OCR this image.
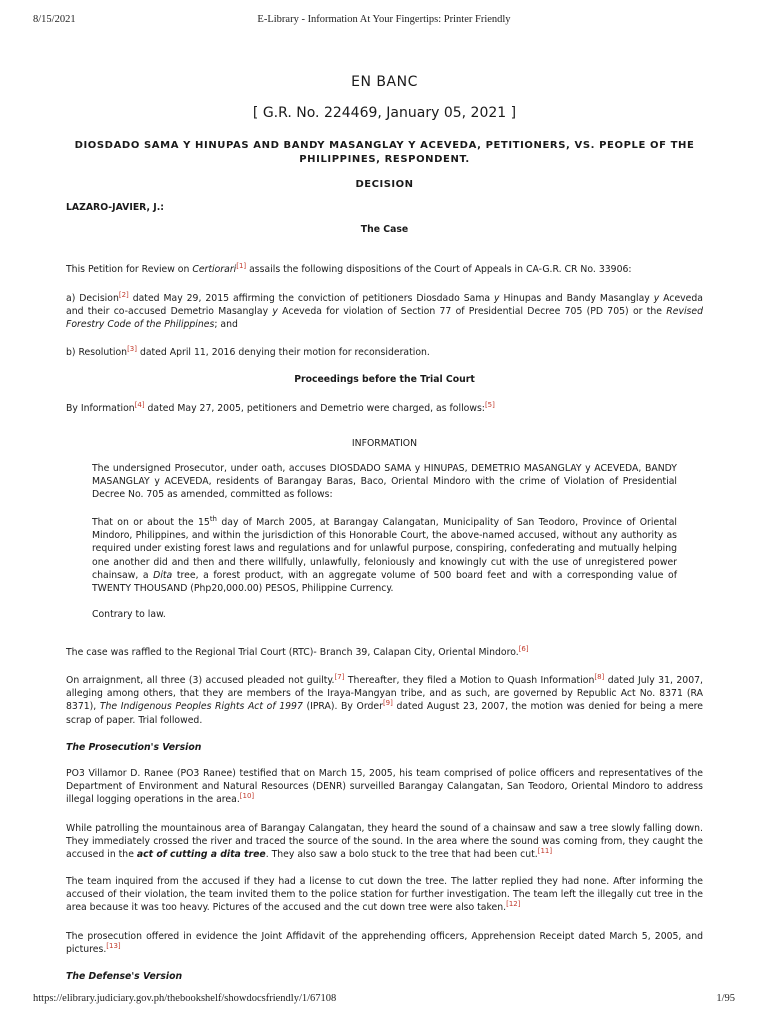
8/15/2021	E-Library - Information At Your Fingertips: Printer Friendly
EN BANC
[ G.R. No. 224469, January 05, 2021 ]
DIOSDADO SAMA Y HINUPAS AND BANDY MASANGLAY Y ACEVEDA, PETITIONERS, VS. PEOPLE OF THE PHILIPPINES, RESPONDENT.
DECISION
LAZARO-JAVIER, J.:
The Case

This Petition for Review on Certiorari[1] assails the following dispositions of the Court of Appeals in CA-G.R. CR No. 33906:

a) Decision[2] dated May 29, 2015 affirming the conviction of petitioners Diosdado Sama y Hinupas and Bandy Masanglay y Aceveda and their co-accused Demetrio Masanglay y Aceveda for violation of Section 77 of Presidential Decree 705 (PD 705) or the Revised Forestry Code of the Philippines; and

b) Resolution[3] dated April 11, 2016 denying their motion for reconsideration.

Proceedings before the Trial Court

By Information[4] dated May 27, 2005, petitioners and Demetrio were charged, as follows:[5]

INFORMATION

The undersigned Prosecutor, under oath, accuses DIOSDADO SAMA y HINUPAS, DEMETRIO MASANGLAY y ACEVEDA, BANDY MASANGLAY y ACEVEDA, residents of Barangay Baras, Baco, Oriental Mindoro with the crime of Violation of Presidential Decree No. 705 as amended, committed as follows:

That on or about the 15th day of March 2005, at Barangay Calangatan, Municipality of San Teodoro, Province of Oriental Mindoro, Philippines, and within the jurisdiction of this Honorable Court, the above-named accused, without any authority as required under existing forest laws and regulations and for unlawful purpose, conspiring, confederating and mutually helping one another did and then and there willfully, unlawfully, feloniously and knowingly cut with the use of unregistered power chainsaw, a Dita tree, a forest product, with an aggregate volume of 500 board feet and with a corresponding value of TWENTY THOUSAND (Php20,000.00) PESOS, Philippine Currency.

Contrary to law.

The case was raffled to the Regional Trial Court (RTC)- Branch 39, Calapan City, Oriental Mindoro.[6]

On arraignment, all three (3) accused pleaded not guilty.[7] Thereafter, they filed a Motion to Quash Information[8] dated July 31, 2007, alleging among others, that they are members of the Iraya-Mangyan tribe, and as such, are governed by Republic Act No. 8371 (RA 8371), The Indigenous Peoples Rights Act of 1997 (IPRA). By Order[9] dated August 23, 2007, the motion was denied for being a mere scrap of paper. Trial followed.

The Prosecution's Version

PO3 Villamor D. Ranee (PO3 Ranee) testified that on March 15, 2005, his team comprised of police officers and representatives of the Department of Environment and Natural Resources (DENR) surveilled Barangay Calangatan, San Teodoro, Oriental Mindoro to address illegal logging operations in the area.[10]

While patrolling the mountainous area of Barangay Calangatan, they heard the sound of a chainsaw and saw a tree slowly falling down. They immediately crossed the river and traced the source of the sound. In the area where the sound was coming from, they caught the accused in the act of cutting a dita tree. They also saw a bolo stuck to the tree that had been cut.[11]

The team inquired from the accused if they had a license to cut down the tree. The latter replied they had none. After informing the accused of their violation, the team invited them to the police station for further investigation. The team left the illegally cut tree in the area because it was too heavy. Pictures of the accused and the cut down tree were also taken.[12]

The prosecution offered in evidence the Joint Affidavit of the apprehending officers, Apprehension Receipt dated March 5, 2005, and pictures.[13]

The Defense's Version
https://elibrary.judiciary.gov.ph/thebookshelf/showdocsfriendly/1/67108	1/95
